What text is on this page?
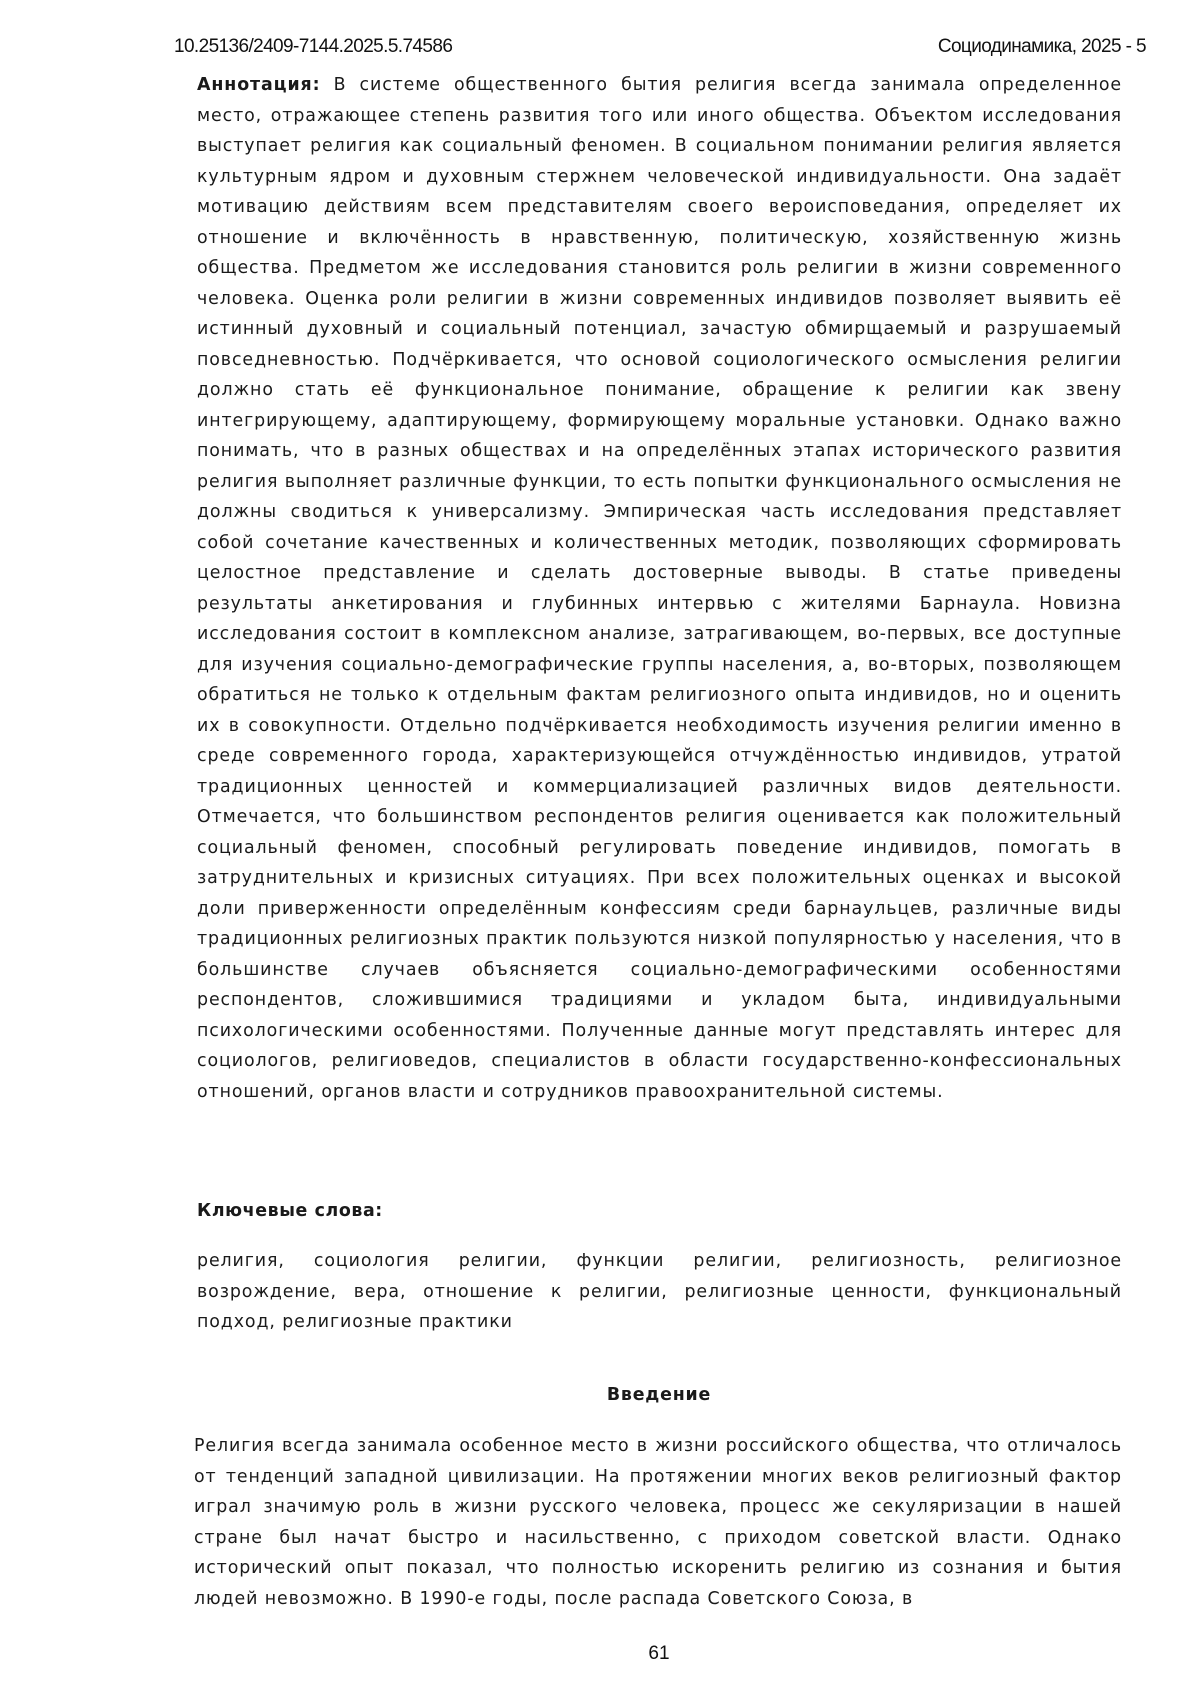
10.25136/2409-7144.2025.5.74586	Социодинамика, 2025 - 5

Аннотация: В системе общественного бытия религия всегда занимала определенное место, отражающее степень развития того или иного общества. Объектом исследования выступает религия как социальный феномен. В социальном понимании религия является культурным ядром и духовным стержнем человеческой индивидуальности. Она задаёт мотивацию действиям всем представителям своего вероисповедания, определяет их отношение и включённость в нравственную, политическую, хозяйственную жизнь общества. Предметом же исследования становится роль религии в жизни современного человека. Оценка роли религии в жизни современных индивидов позволяет выявить её истинный духовный и социальный потенциал, зачастую обмирщаемый и разрушаемый повседневностью. Подчёркивается, что основой социологического осмысления религии должно стать её функциональное понимание, обращение к религии как звену интегрирующему, адаптирующему, формирующему моральные установки. Однако важно понимать, что в разных обществах и на определённых этапах исторического развития религия выполняет различные функции, то есть попытки функционального осмысления не должны сводиться к универсализму. Эмпирическая часть исследования представляет собой сочетание качественных и количественных методик, позволяющих сформировать целостное представление и сделать достоверные выводы. В статье приведены результаты анкетирования и глубинных интервью с жителями Барнаула. Новизна исследования состоит в комплексном анализе, затрагивающем, во-первых, все доступные для изучения социально-демографические группы населения, а, во-вторых, позволяющем обратиться не только к отдельным фактам религиозного опыта индивидов, но и оценить их в совокупности. Отдельно подчёркивается необходимость изучения религии именно в среде современного города, характеризующейся отчуждённостью индивидов, утратой традиционных ценностей и коммерциализацией различных видов деятельности. Отмечается, что большинством респондентов религия оценивается как положительный социальный феномен, способный регулировать поведение индивидов, помогать в затруднительных и кризисных ситуациях. При всех положительных оценках и высокой доли приверженности определённым конфессиям среди барнаульцев, различные виды традиционных религиозных практик пользуются низкой популярностью у населения, что в большинстве случаев объясняется социально-демографическими особенностями респондентов, сложившимися традициями и укладом быта, индивидуальными психологическими особенностями. Полученные данные могут представлять интерес для социологов, религиоведов, специалистов в области государственно-конфессиональных отношений, органов власти и сотрудников правоохранительной системы.

Ключевые слова:

религия, социология религии, функции религии, религиозность, религиозное возрождение, вера, отношение к религии, религиозные ценности, функциональный подход, религиозные практики

Введение

Религия всегда занимала особенное место в жизни российского общества, что отличалось от тенденций западной цивилизации. На протяжении многих веков религиозный фактор играл значимую роль в жизни русского человека, процесс же секуляризации в нашей стране был начат быстро и насильственно, с приходом советской власти. Однако исторический опыт показал, что полностью искоренить религию из сознания и бытия людей невозможно. В 1990-е годы, после распада Советского Союза, в

61
